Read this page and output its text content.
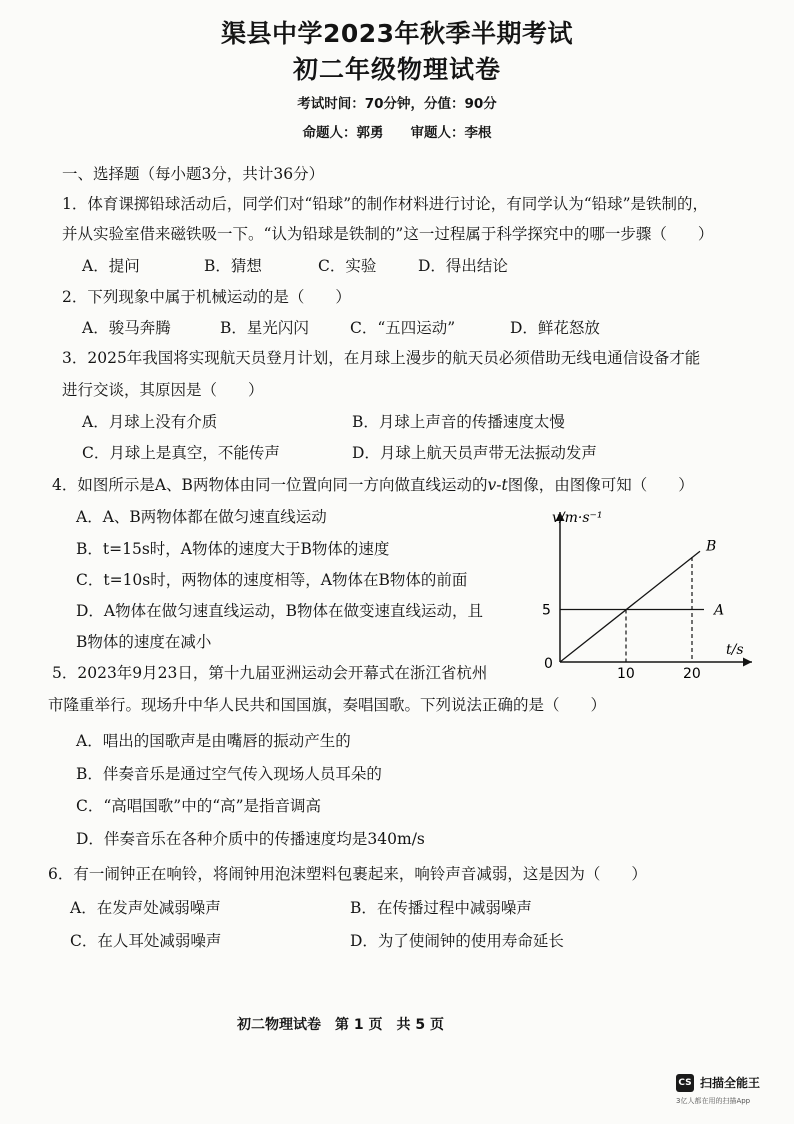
渠县中学2023年秋季半期考试
初二年级物理试卷
考试时间：70分钟，分值：90分
命题人：郭勇　　审题人：李根
一、选择题（每小题3分，共计36分）
1．体育课掷铅球活动后，同学们对“铅球”的制作材料进行讨论，有同学认为“铅球”是铁制的，
并从实验室借来磁铁吸一下。“认为铅球是铁制的”这一过程属于科学探究中的哪一步骤（　　）
A．提问	B．猜想	C．实验	D．得出结论
2．下列现象中属于机械运动的是（　　）
A．骏马奔腾	B．星光闪闪	C．“五四运动”	D．鲜花怒放
3．2025年我国将实现航天员登月计划，在月球上漫步的航天员必须借助无线电通信设备才能
进行交谈，其原因是（　　）
A．月球上没有介质	B．月球上声音的传播速度太慢
C．月球上是真空，不能传声	D．月球上航天员声带无法振动发声
4．如图所示是A、B两物体由同一位置向同一方向做直线运动的v-t图像，由图像可知（　　）
A．A、B两物体都在做匀速直线运动
B．t=15s时，A物体的速度大于B物体的速度
C．t=10s时，两物体的速度相等，A物体在B物体的前面
D．A物体在做匀速直线运动，B物体在做变速直线运动，且
B物体的速度在减小
v/m·s⁻¹
t/s
0
5
10	20
B
A
5．2023年9月23日，第十九届亚洲运动会开幕式在浙江省杭州
市隆重举行。现场升中华人民共和国国旗，奏唱国歌。下列说法正确的是（　　）
A．唱出的国歌声是由嘴唇的振动产生的
B．伴奏音乐是通过空气传入现场人员耳朵的
C．“高唱国歌”中的“高”是指音调高
D．伴奏音乐在各种介质中的传播速度均是340m/s
6．有一闹钟正在响铃，将闹钟用泡沫塑料包裹起来，响铃声音减弱，这是因为（　　）
A．在发声处减弱噪声	B．在传播过程中减弱噪声
C．在人耳处减弱噪声	D．为了使闹钟的使用寿命延长
初二物理试卷　第 1 页　共 5 页
CS 扫描全能王
3亿人都在用的扫描App
